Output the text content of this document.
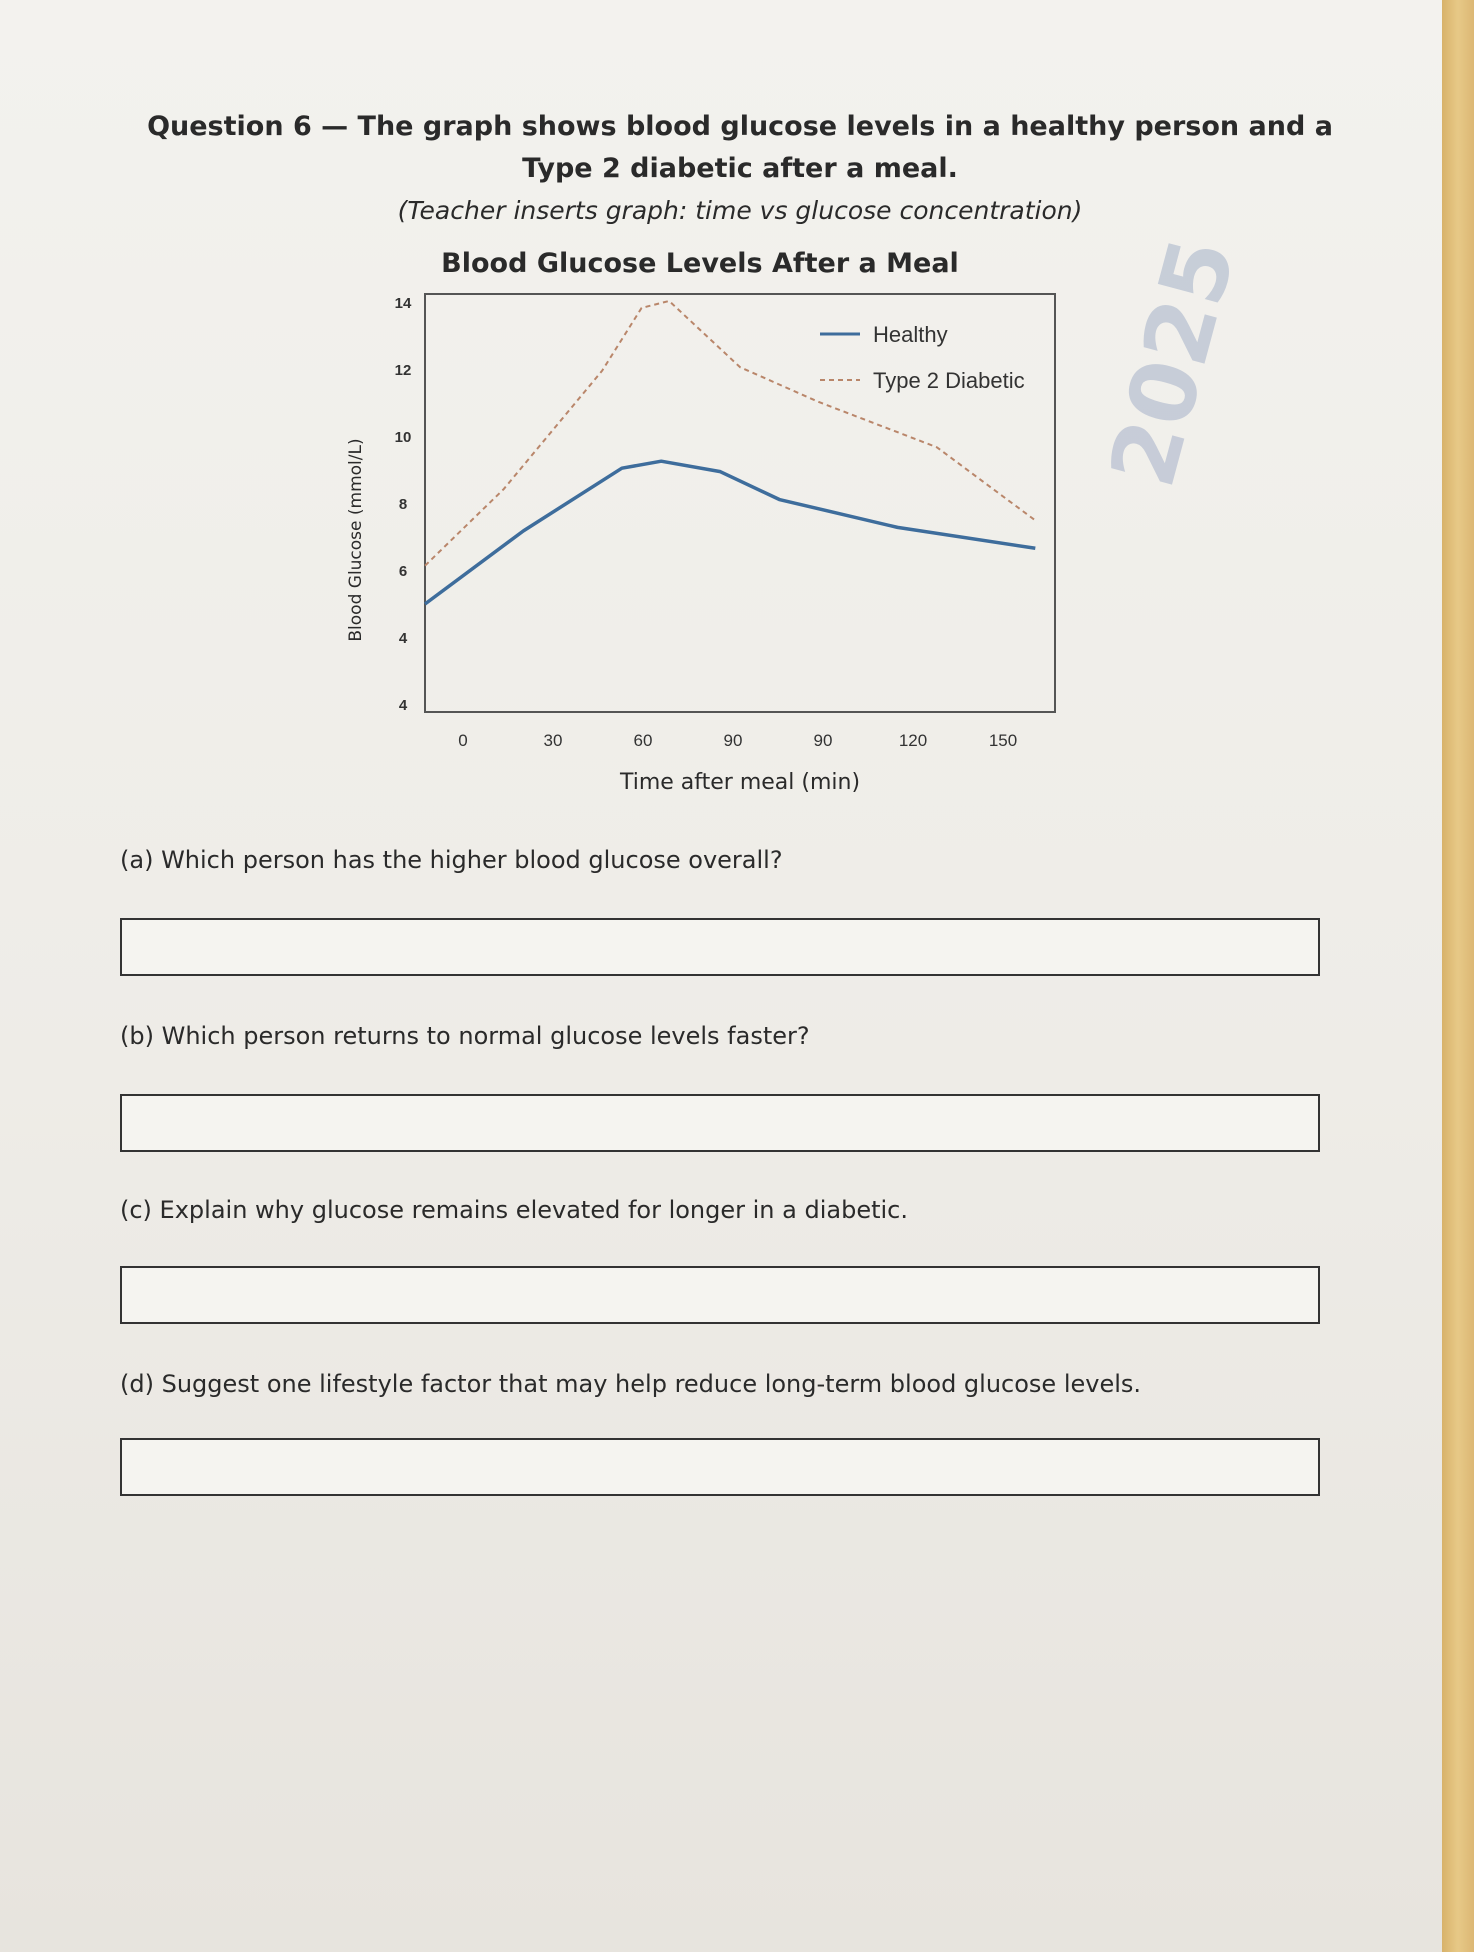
2025
Question 6 — The graph shows blood glucose levels in a healthy person and a Type 2 diabetic after a meal.
(Teacher inserts graph: time vs glucose concentration)
Blood Glucose Levels After a Meal
14
12
10
8
6
4
4
0	30	60	90	90	120	150
Healthy
Type 2 Diabetic
Blood Glucose (mmol/L)
Time after meal (min)
(a) Which person has the higher blood glucose overall?
(b) Which person returns to normal glucose levels faster?
(c) Explain why glucose remains elevated for longer in a diabetic.
(d) Suggest one lifestyle factor that may help reduce long-term blood glucose levels.
